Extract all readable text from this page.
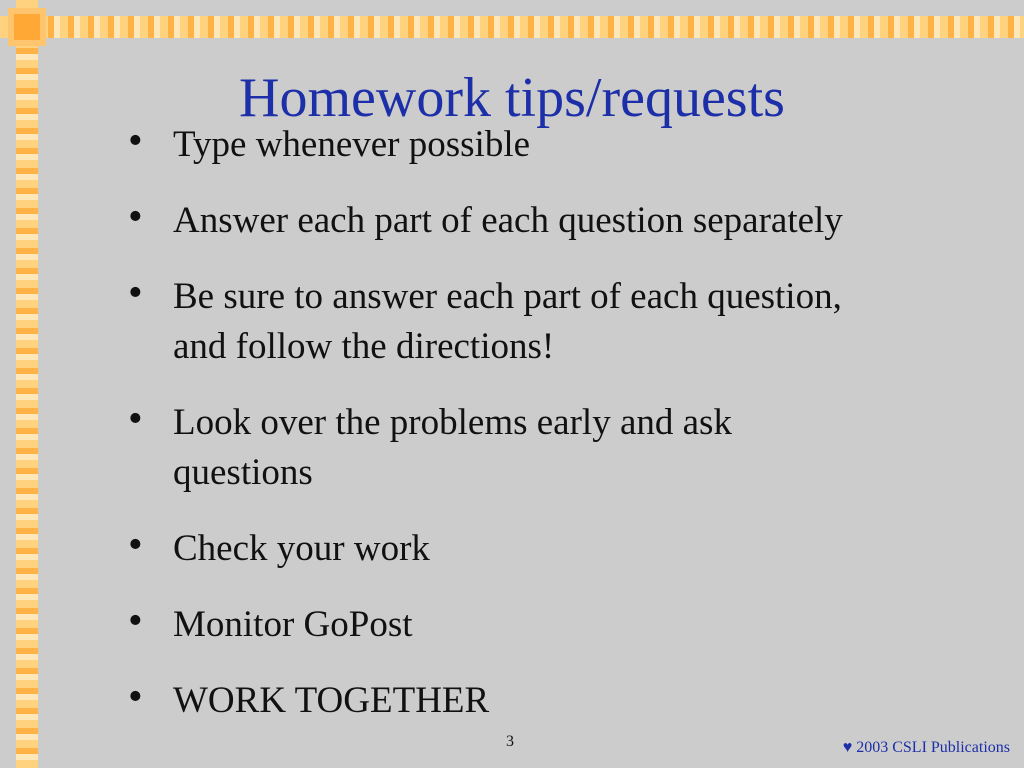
Homework tips/requests
• Type whenever possible
• Answer each part of each question separately
• Be sure to answer each part of each question, and follow the directions!
• Look over the problems early and ask questions
• Check your work
• Monitor GoPost
• WORK TOGETHER
3	♥ 2003 CSLI Publications
